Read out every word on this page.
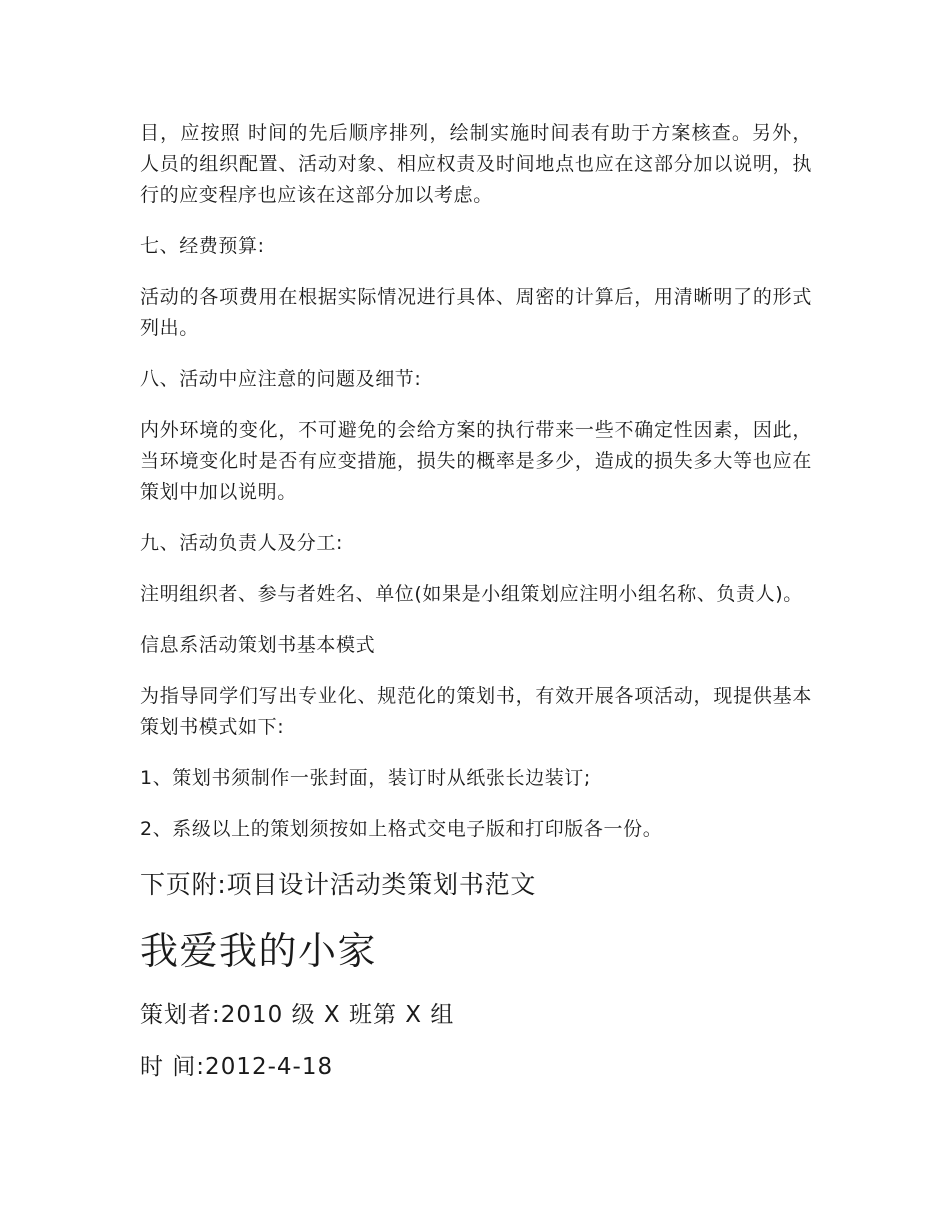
目，应按照 时间的先后顺序排列，绘制实施时间表有助于方案核查。另外，人员的组织配置、活动对象、相应权责及时间地点也应在这部分加以说明，执行的应变程序也应该在这部分加以考虑。

七、经费预算:

活动的各项费用在根据实际情况进行具体、周密的计算后，用清晰明了的形式列出。

八、活动中应注意的问题及细节:

内外环境的变化，不可避免的会给方案的执行带来一些不确定性因素，因此，当环境变化时是否有应变措施，损失的概率是多少，造成的损失多大等也应在策划中加以说明。

九、活动负责人及分工:

注明组织者、参与者姓名、单位(如果是小组策划应注明小组名称、负责人)。

信息系活动策划书基本模式

为指导同学们写出专业化、规范化的策划书，有效开展各项活动，现提供基本策划书模式如下:

1、策划书须制作一张封面，装订时从纸张长边装订;

2、系级以上的策划须按如上格式交电子版和打印版各一份。

下页附:项目设计活动类策划书范文

我爱我的小家

策划者:2010 级 X 班第 X 组

时 间:2012-4-18
